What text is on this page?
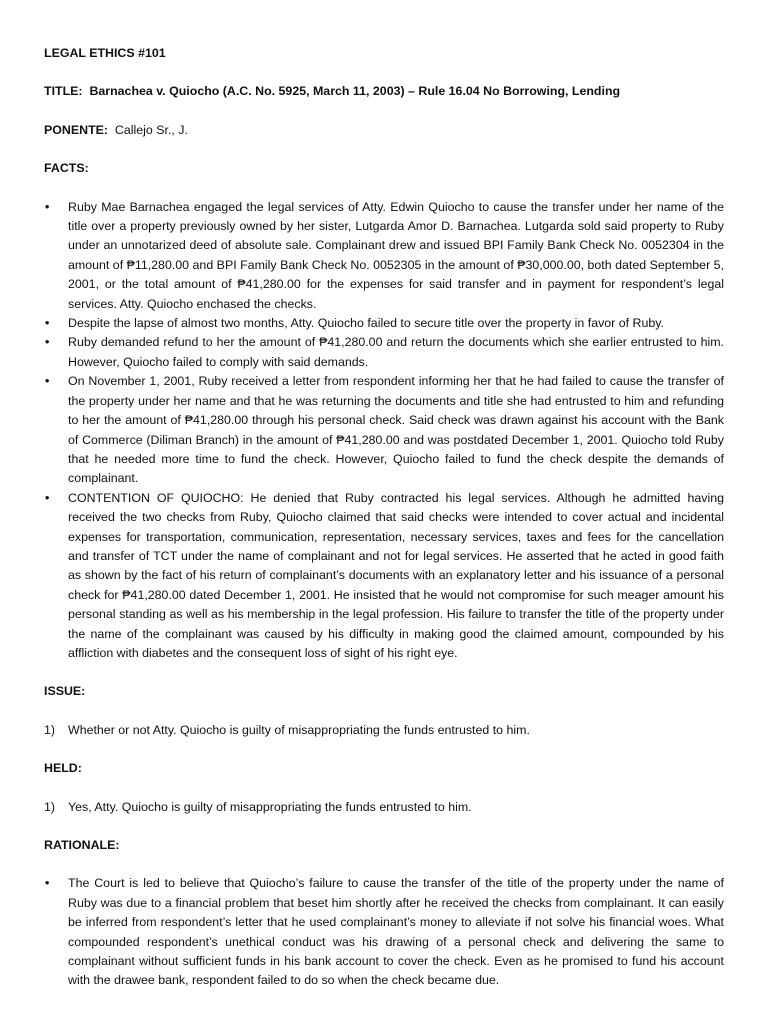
LEGAL ETHICS #101
TITLE: Barnachea v. Quiocho (A.C. No. 5925, March 11, 2003) – Rule 16.04 No Borrowing, Lending
PONENTE: Callejo Sr., J.
FACTS:
• Ruby Mae Barnachea engaged the legal services of Atty. Edwin Quiocho to cause the transfer under her name of the title over a property previously owned by her sister, Lutgarda Amor D. Barnachea. Lutgarda sold said property to Ruby under an unnotarized deed of absolute sale. Complainant drew and issued BPI Family Bank Check No. 0052304 in the amount of ₱11,280.00 and BPI Family Bank Check No. 0052305 in the amount of ₱30,000.00, both dated September 5, 2001, or the total amount of ₱41,280.00 for the expenses for said transfer and in payment for respondent’s legal services. Atty. Quiocho enchased the checks.
• Despite the lapse of almost two months, Atty. Quiocho failed to secure title over the property in favor of Ruby.
• Ruby demanded refund to her the amount of ₱41,280.00 and return the documents which she earlier entrusted to him. However, Quiocho failed to comply with said demands.
• On November 1, 2001, Ruby received a letter from respondent informing her that he had failed to cause the transfer of the property under her name and that he was returning the documents and title she had entrusted to him and refunding to her the amount of ₱41,280.00 through his personal check. Said check was drawn against his account with the Bank of Commerce (Diliman Branch) in the amount of ₱41,280.00 and was postdated December 1, 2001. Quiocho told Ruby that he needed more time to fund the check. However, Quiocho failed to fund the check despite the demands of complainant.
• CONTENTION OF QUIOCHO: He denied that Ruby contracted his legal services. Although he admitted having received the two checks from Ruby, Quiocho claimed that said checks were intended to cover actual and incidental expenses for transportation, communication, representation, necessary services, taxes and fees for the cancellation and transfer of TCT under the name of complainant and not for legal services. He asserted that he acted in good faith as shown by the fact of his return of complainant’s documents with an explanatory letter and his issuance of a personal check for ₱41,280.00 dated December 1, 2001. He insisted that he would not compromise for such meager amount his personal standing as well as his membership in the legal profession. His failure to transfer the title of the property under the name of the complainant was caused by his difficulty in making good the claimed amount, compounded by his affliction with diabetes and the consequent loss of sight of his right eye.
ISSUE:
1) Whether or not Atty. Quiocho is guilty of misappropriating the funds entrusted to him.
HELD:
1) Yes, Atty. Quiocho is guilty of misappropriating the funds entrusted to him.
RATIONALE:
• The Court is led to believe that Quiocho’s failure to cause the transfer of the title of the property under the name of Ruby was due to a financial problem that beset him shortly after he received the checks from complainant. It can easily be inferred from respondent’s letter that he used complainant’s money to alleviate if not solve his financial woes. What compounded respondent’s unethical conduct was his drawing of a personal check and delivering the same to complainant without sufficient funds in his bank account to cover the check. Even as he promised to fund his account with the drawee bank, respondent failed to do so when the check became due.
